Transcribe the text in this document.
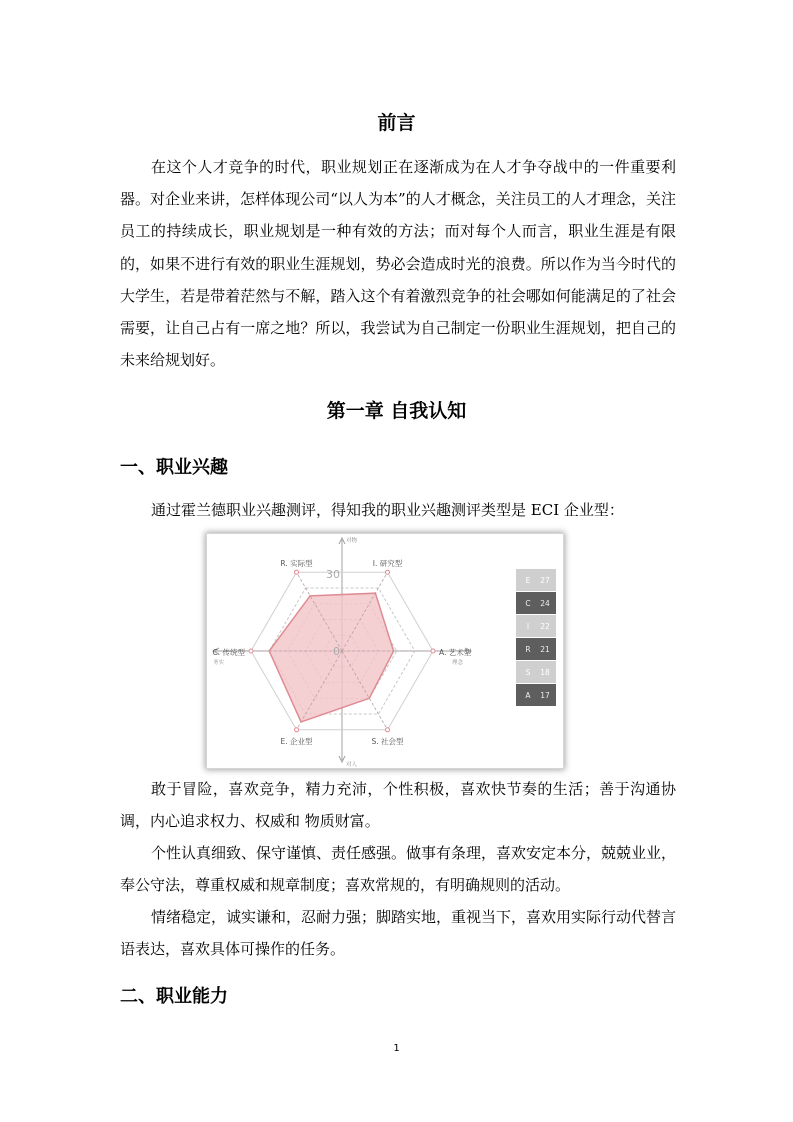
前言
在这个人才竞争的时代，职业规划正在逐渐成为在人才争夺战中的一件重要利器。对企业来讲，怎样体现公司“以人为本”的人才概念，关注员工的人才理念，关注员工的持续成长，职业规划是一种有效的方法；而对每个人而言，职业生涯是有限的，如果不进行有效的职业生涯规划，势必会造成时光的浪费。所以作为当今时代的大学生，若是带着茫然与不解，踏入这个有着激烈竞争的社会哪如何能满足的了社会需要，让自己占有一席之地？所以，我尝试为自己制定一份职业生涯规划，把自己的未来给规划好。
第一章 自我认知
一、职业兴趣
通过霍兰德职业兴趣测评，得知我的职业兴趣测评类型是 ECI 企业型：
R. 实际型	I. 研究型
A. 艺术型
S. 社会型
E. 企业型
C. 传统型
30
0
对物
对人
务实	理念
E 27
C 24
I 22
R 21
S 18
A 17
敢于冒险，喜欢竞争，精力充沛，个性积极，喜欢快节奏的生活；善于沟通协调，内心追求权力、权威和 物质财富。
个性认真细致、保守谨慎、责任感强。做事有条理，喜欢安定本分，兢兢业业，奉公守法，尊重权威和规章制度；喜欢常规的，有明确规则的活动。
情绪稳定，诚实谦和，忍耐力强；脚踏实地，重视当下，喜欢用实际行动代替言语表达，喜欢具体可操作的任务。
二、职业能力
1
